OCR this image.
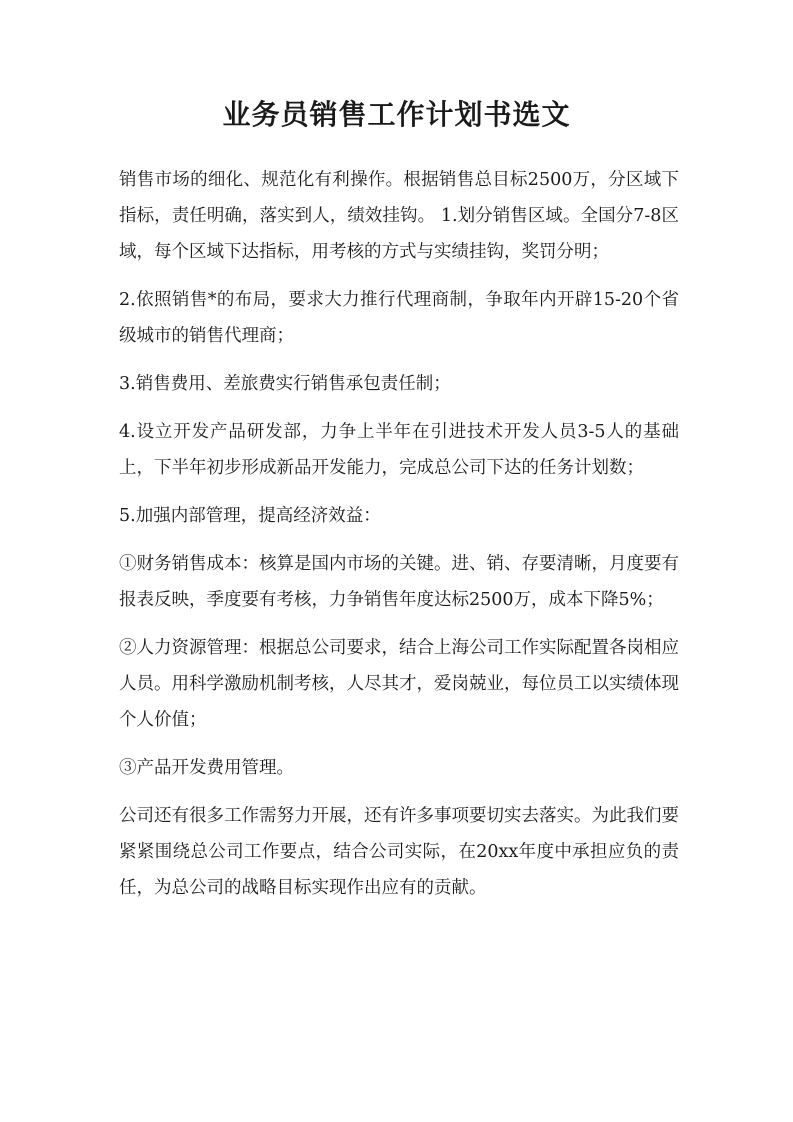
业务员销售工作计划书选文

销售市场的细化、规范化有利操作。根据销售总目标2500万，分区域下指标，责任明确，落实到人，绩效挂钩。 1.划分销售区域。全国分7-8区域，每个区域下达指标，用考核的方式与实绩挂钩，奖罚分明；

2.依照销售*的布局，要求大力推行代理商制，争取年内开辟15-20个省级城市的销售代理商；

3.销售费用、差旅费实行销售承包责任制；

4.设立开发产品研发部，力争上半年在引进技术开发人员3-5人的基础上，下半年初步形成新品开发能力，完成总公司下达的任务计划数；

5.加强内部管理，提高经济效益：

①财务销售成本：核算是国内市场的关键。进、销、存要清晰，月度要有报表反映，季度要有考核，力争销售年度达标2500万，成本下降5%；

②人力资源管理：根据总公司要求，结合上海公司工作实际配置各岗相应人员。用科学激励机制考核，人尽其才，爱岗兢业，每位员工以实绩体现个人价值；

③产品开发费用管理。

公司还有很多工作需努力开展，还有许多事项要切实去落实。为此我们要紧紧围绕总公司工作要点，结合公司实际，在20xx年度中承担应负的责任，为总公司的战略目标实现作出应有的贡献。
